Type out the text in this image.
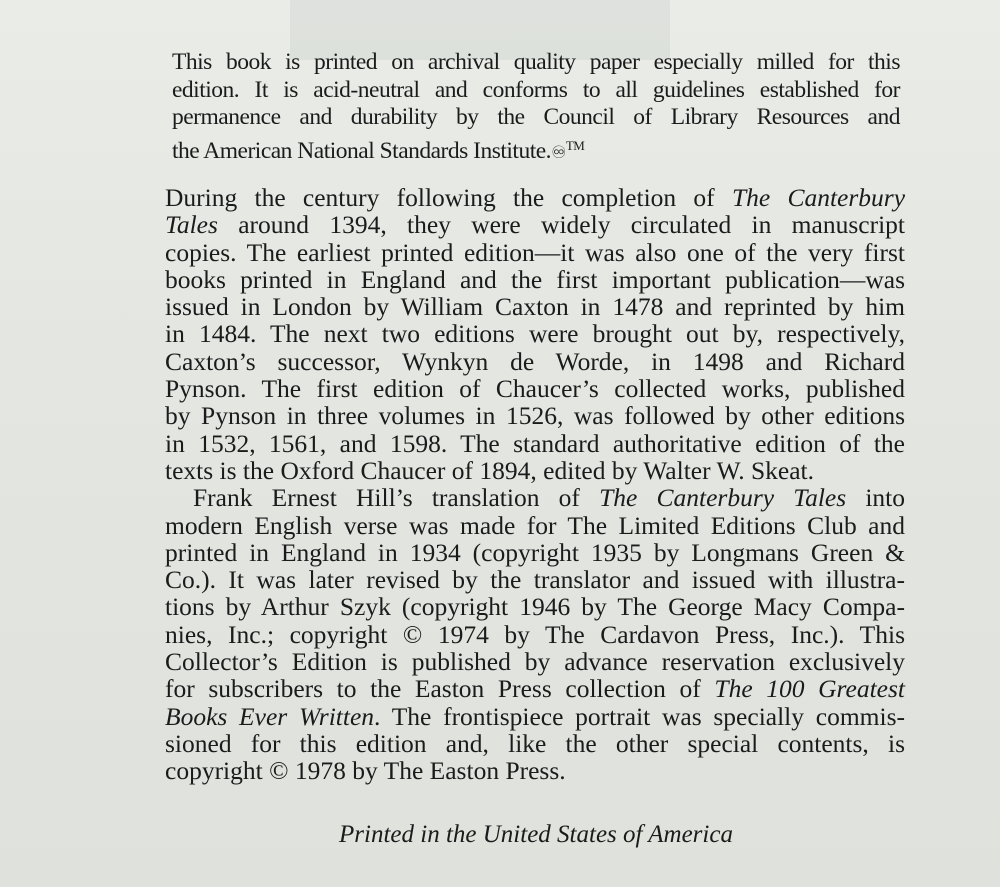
This book is printed on archival quality paper especially milled for this
edition. It is acid-neutral and conforms to all guidelines established for
permanence and durability by the Council of Library Resources and
the American National Standards Institute.♾™
During the century following the completion of The Canterbury
Tales around 1394, they were widely circulated in manuscript
copies. The earliest printed edition—it was also one of the very first
books printed in England and the first important publication—was
issued in London by William Caxton in 1478 and reprinted by him
in 1484. The next two editions were brought out by, respectively,
Caxton’s successor, Wynkyn de Worde, in 1498 and Richard
Pynson. The first edition of Chaucer’s collected works, published
by Pynson in three volumes in 1526, was followed by other editions
in 1532, 1561, and 1598. The standard authoritative edition of the
texts is the Oxford Chaucer of 1894, edited by Walter W. Skeat.
Frank Ernest Hill’s translation of The Canterbury Tales into
modern English verse was made for The Limited Editions Club and
printed in England in 1934 (copyright 1935 by Longmans Green &
Co.). It was later revised by the translator and issued with illustra-
tions by Arthur Szyk (copyright 1946 by The George Macy Compa-
nies, Inc.; copyright © 1974 by The Cardavon Press, Inc.). This
Collector’s Edition is published by advance reservation exclusively
for subscribers to the Easton Press collection of The 100 Greatest
Books Ever Written. The frontispiece portrait was specially commis-
sioned for this edition and, like the other special contents, is
copyright © 1978 by The Easton Press.
Printed in the United States of America
